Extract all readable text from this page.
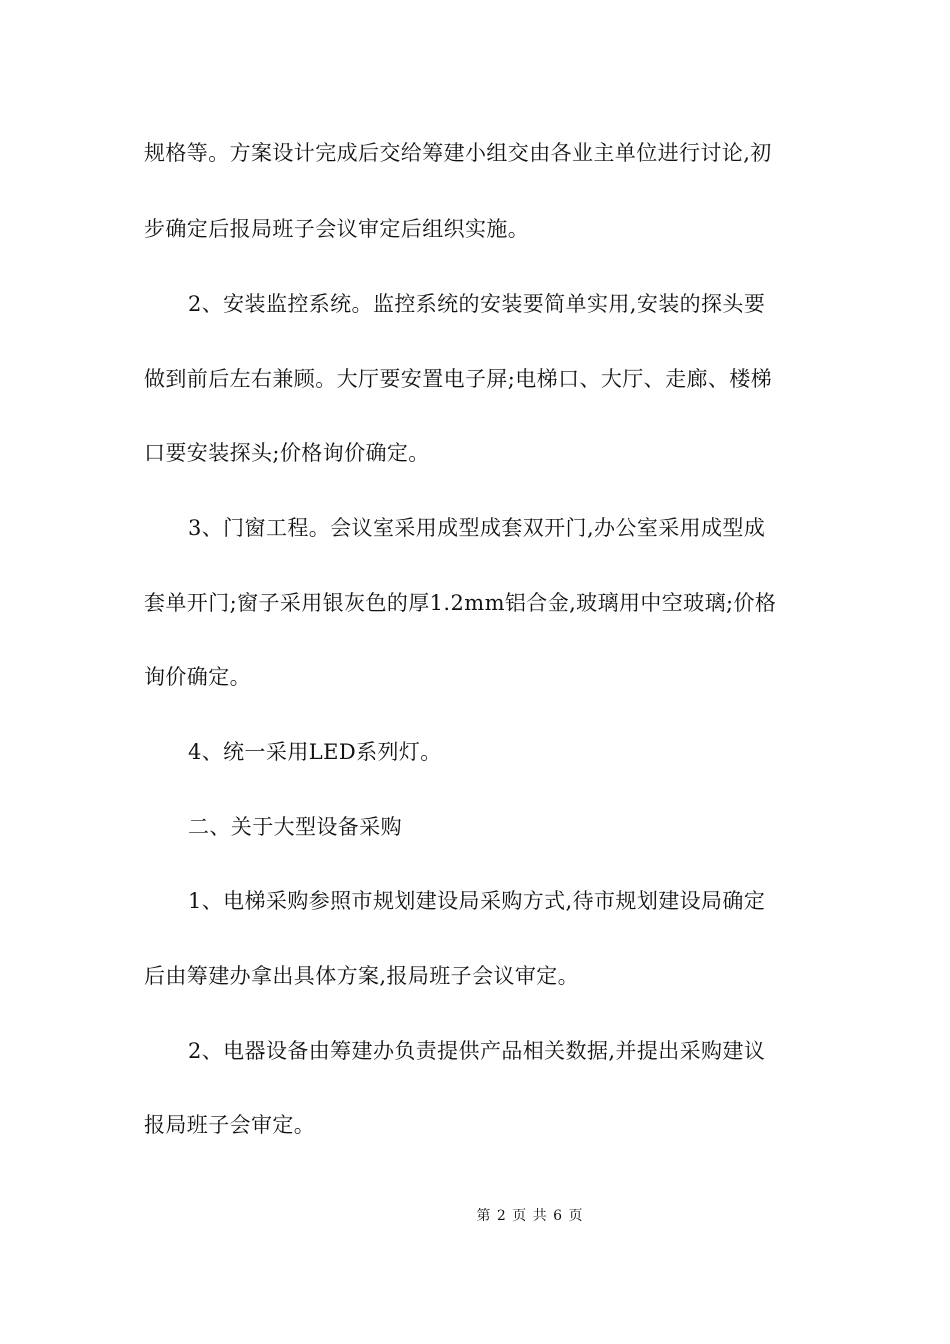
规格等。方案设计完成后交给筹建小组交由各业主单位进行讨论,初
步确定后报局班子会议审定后组织实施。
2、安装监控系统。监控系统的安装要简单实用,安装的探头要
做到前后左右兼顾。大厅要安置电子屏;电梯口、大厅、走廊、楼梯
口要安装探头;价格询价确定。
3、门窗工程。会议室采用成型成套双开门,办公室采用成型成
套单开门;窗子采用银灰色的厚1.2mm铝合金,玻璃用中空玻璃;价格
询价确定。
4、统一采用LED系列灯。
二、关于大型设备采购
1、电梯采购参照市规划建设局采购方式,待市规划建设局确定
后由筹建办拿出具体方案,报局班子会议审定。
2、电器设备由筹建办负责提供产品相关数据,并提出采购建议
报局班子会审定。
第 2 页 共 6 页
